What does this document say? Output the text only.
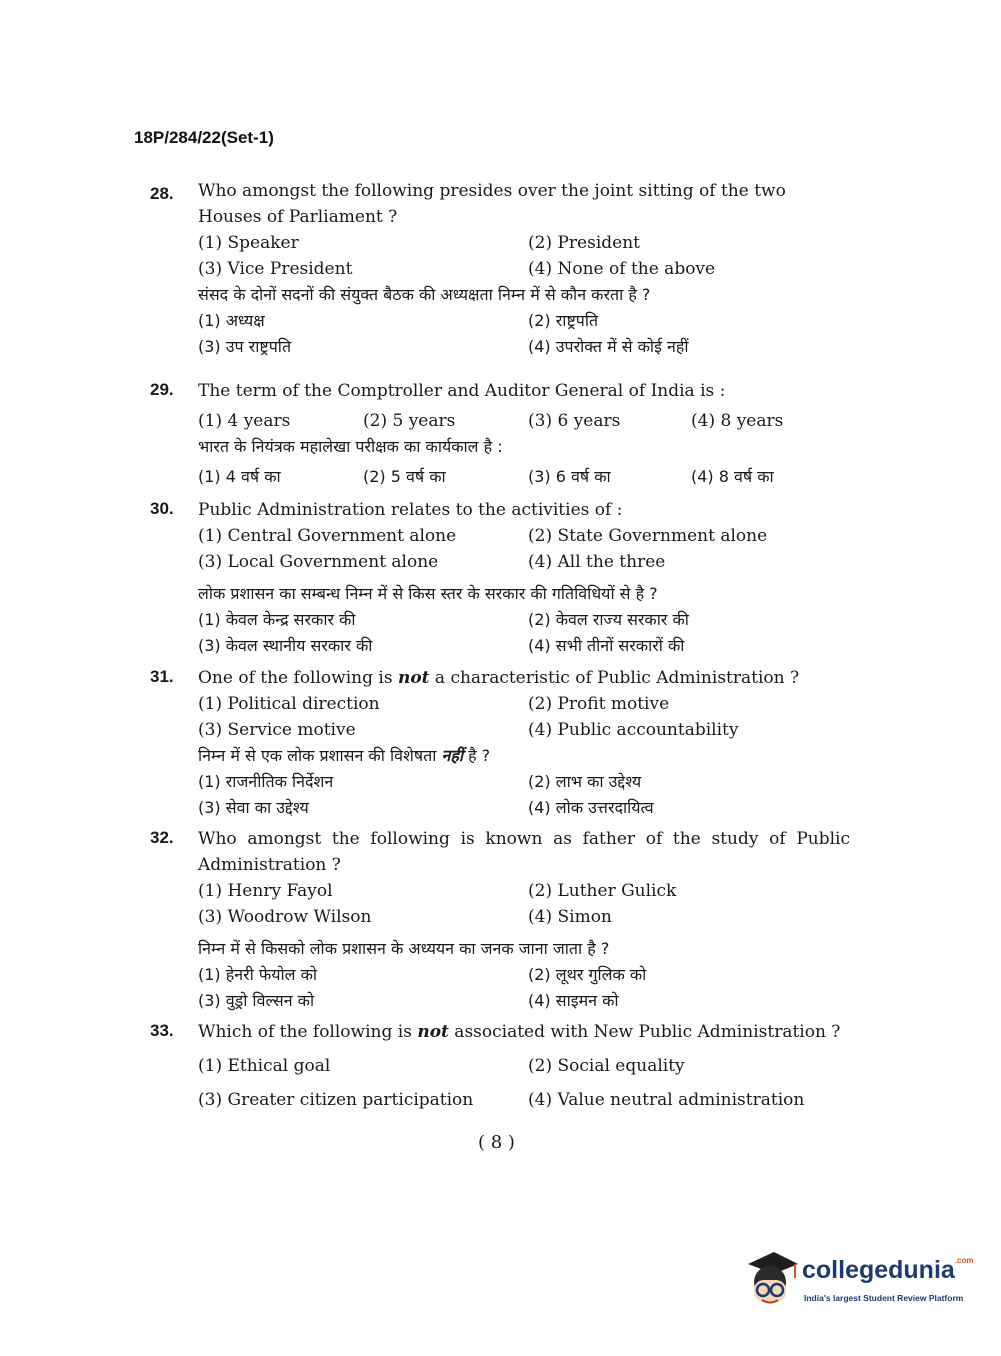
18P/284/22(Set-1)
28. Who amongst the following presides over the joint sitting of the two Houses of Parliament ?
(1) Speaker	(2) President
(3) Vice President	(4) None of the above
संसद के दोनों सदनों की संयुक्त बैठक की अध्यक्षता निम्न में से कौन करता है ?
(1) अध्यक्ष	(2) राष्ट्रपति
(3) उप राष्ट्रपति	(4) उपरोक्त में से कोई नहीं
29. The term of the Comptroller and Auditor General of India is :
(1) 4 years	(2) 5 years	(3) 6 years	(4) 8 years
भारत के नियंत्रक महालेखा परीक्षक का कार्यकाल है :
(1) 4 वर्ष का	(2) 5 वर्ष का	(3) 6 वर्ष का	(4) 8 वर्ष का
30. Public Administration relates to the activities of :
(1) Central Government alone	(2) State Government alone
(3) Local Government alone	(4) All the three
लोक प्रशासन का सम्बन्ध निम्न में से किस स्तर के सरकार की गतिविधियों से है ?
(1) केवल केन्द्र सरकार की	(2) केवल राज्य सरकार की
(3) केवल स्थानीय सरकार की	(4) सभी तीनों सरकारों की
31. One of the following is not a characteristic of Public Administration ?
(1) Political direction	(2) Profit motive
(3) Service motive	(4) Public accountability
निम्न में से एक लोक प्रशासन की विशेषता नहीं है ?
(1) राजनीतिक निर्देशन	(2) लाभ का उद्देश्य
(3) सेवा का उद्देश्य	(4) लोक उत्तरदायित्व
32. Who amongst the following is known as father of the study of Public Administration ?
(1) Henry Fayol	(2) Luther Gulick
(3) Woodrow Wilson	(4) Simon
निम्न में से किसको लोक प्रशासन के अध्ययन का जनक जाना जाता है ?
(1) हेनरी फेयोल को	(2) लूथर गुलिक को
(3) वुड्रो विल्सन को	(4) साइमन को
33. Which of the following is not associated with New Public Administration ?
(1) Ethical goal	(2) Social equality
(3) Greater citizen participation	(4) Value neutral administration
( 8 )
collegedunia$^{.com}$
India's largest Student Review Platform
